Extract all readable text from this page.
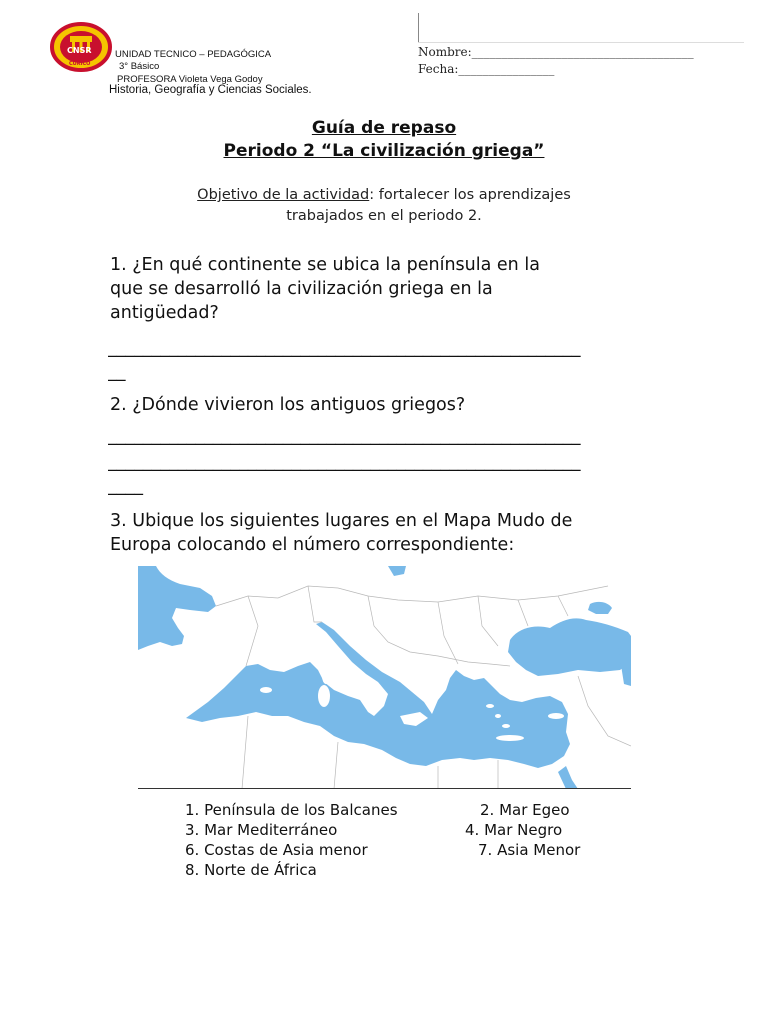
CNSR
CURICO
UNIDAD TECNICO – PEDAGÓGICA
3° Básico
PROFESORA Violeta Vega Godoy
Historia, Geografía y Ciencias Sociales.
Nombre:_____________________________________
Fecha:________________
Guía de repaso
Periodo 2 “La civilización griega”
Objetivo de la actividad: fortalecer los aprendizajes
trabajados en el periodo 2.
1. ¿En qué continente se ubica la península en la
que se desarrolló la civilización griega en la
antigüedad?
______________________________________________________
__
2. ¿Dónde vivieron los antiguos griegos?
______________________________________________________
______________________________________________________
____
3. Ubique los siguientes lugares en el Mapa Mudo de
Europa colocando el número correspondiente:
1. Península de los Balcanes	2. Mar Egeo
3. Mar Mediterráneo	4. Mar Negro
6. Costas de Asia menor	7. Asia Menor
8. Norte de África
